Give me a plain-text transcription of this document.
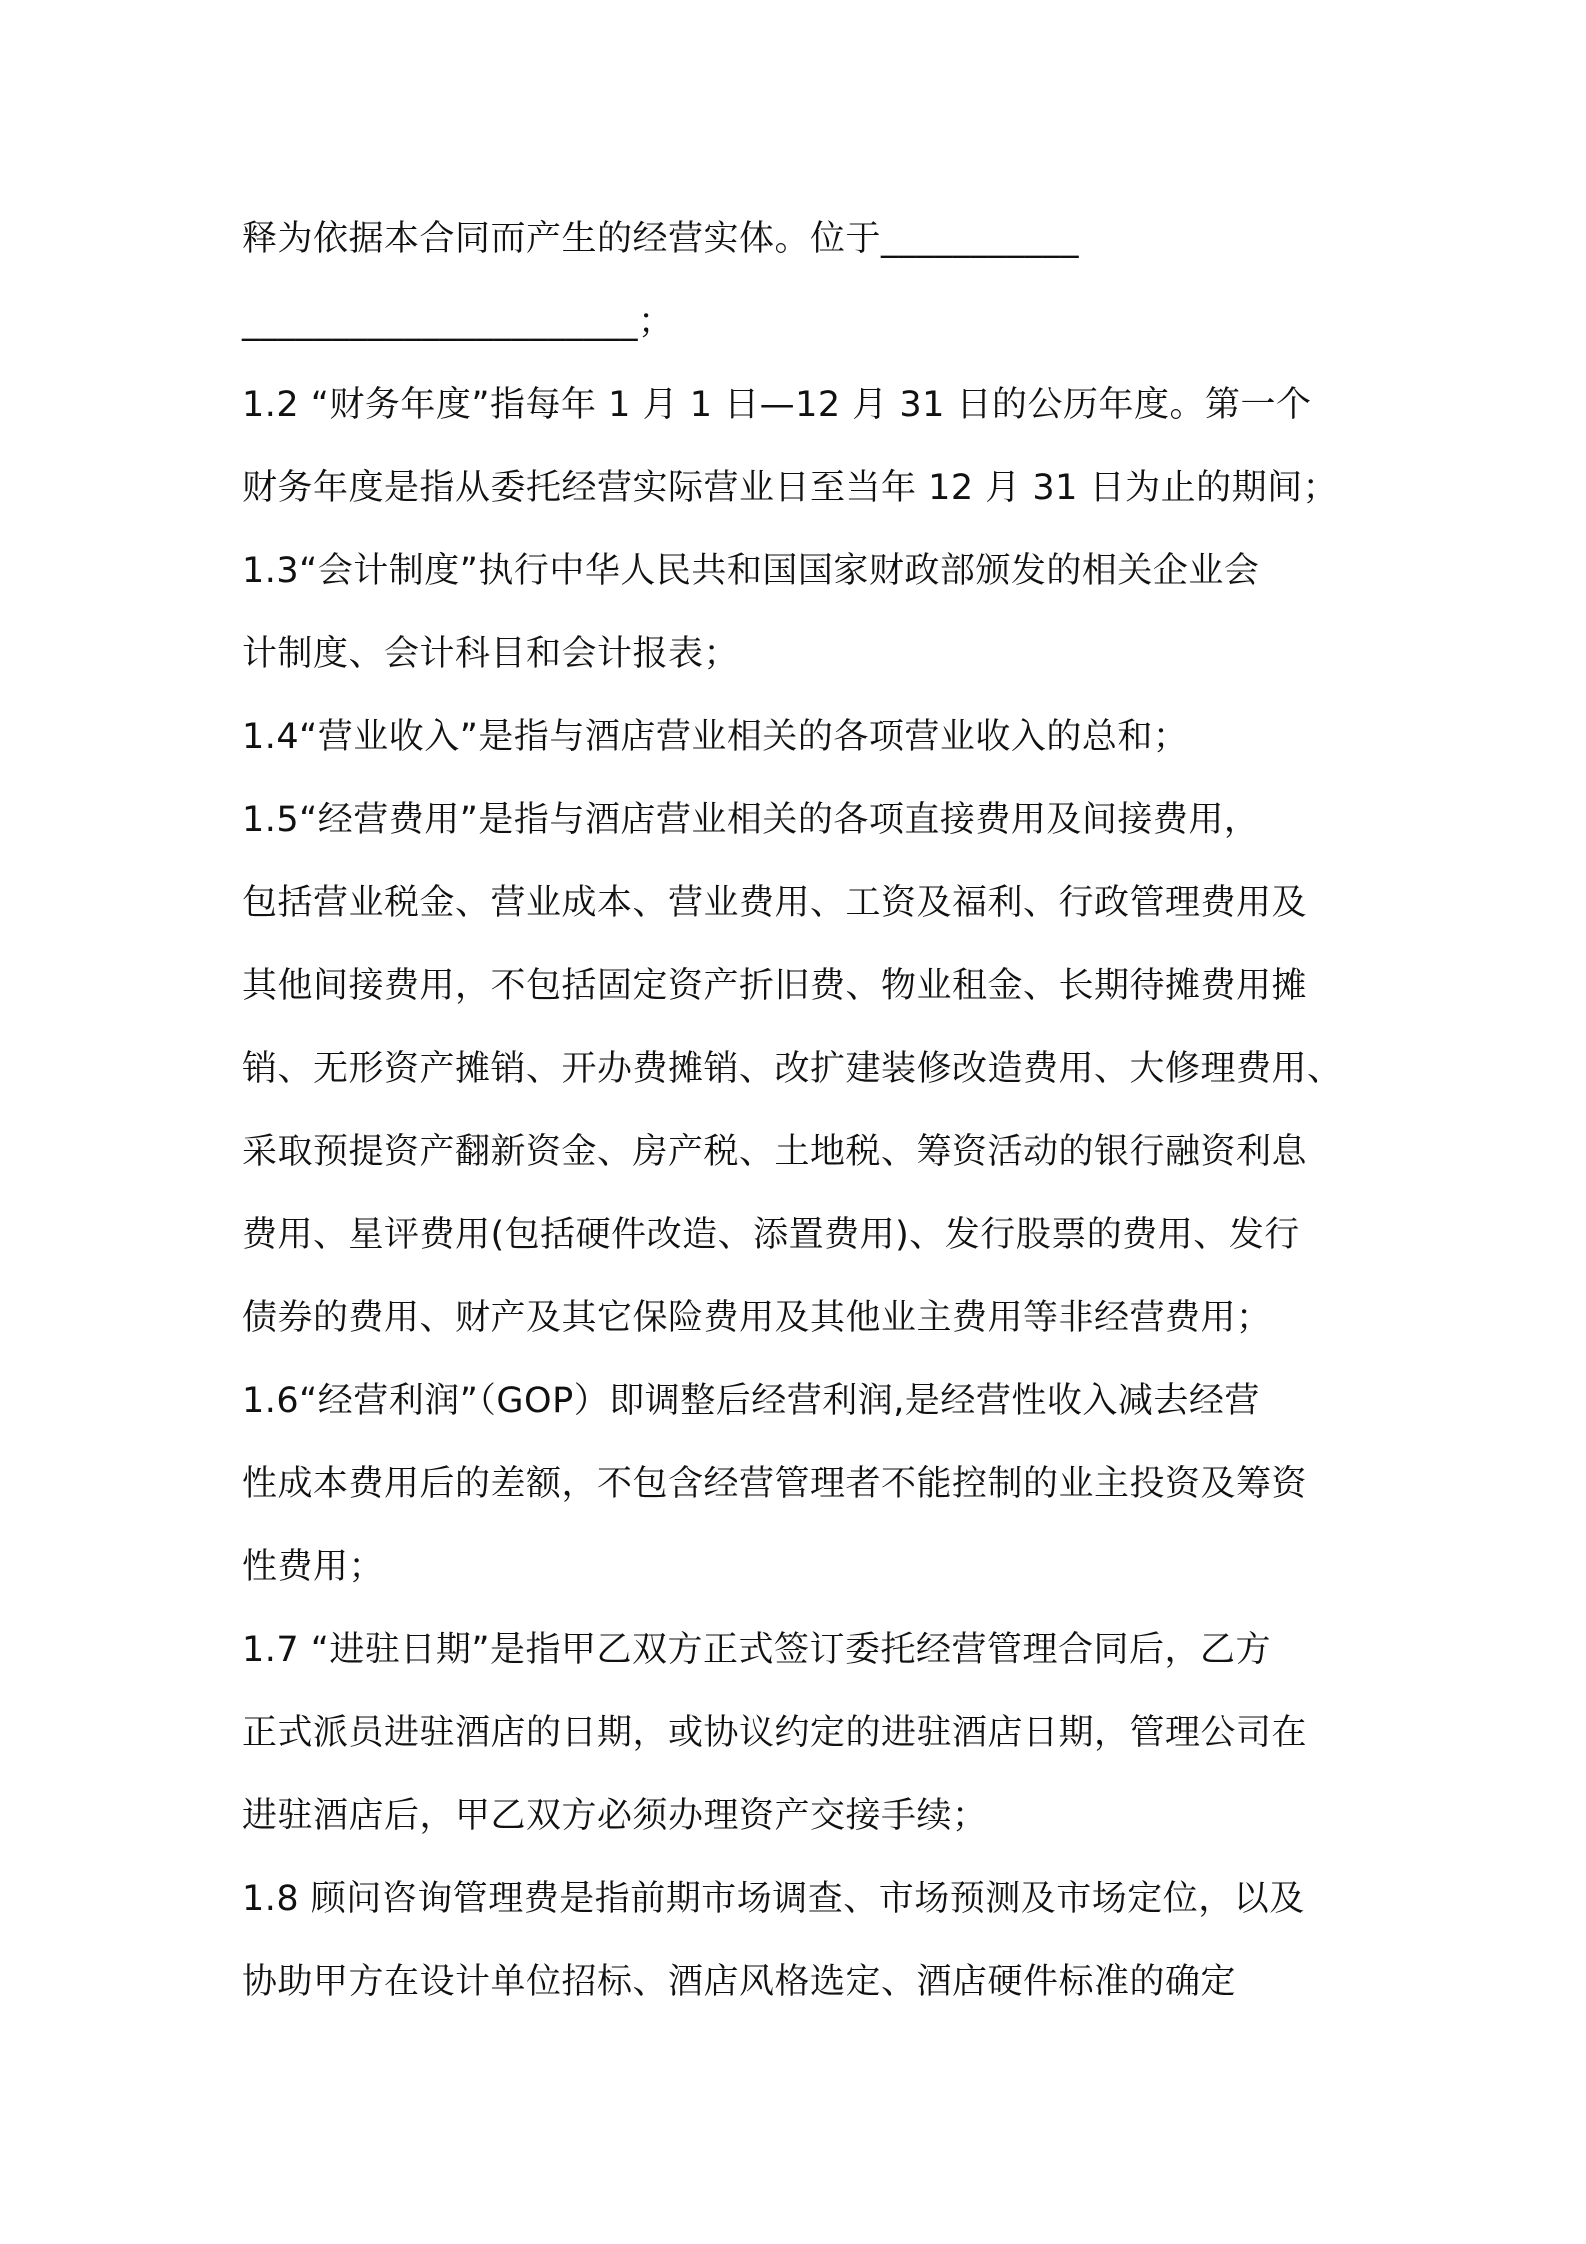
释为依据本合同而产生的经营实体。位于___________
______________________；
1.2 “财务年度”指每年 1 月 1 日—12 月 31 日的公历年度。第一个
财务年度是指从委托经营实际营业日至当年 12 月 31 日为止的期间；
1.3“会计制度”执行中华人民共和国国家财政部颁发的相关企业会
计制度、会计科目和会计报表；
1.4“营业收入”是指与酒店营业相关的各项营业收入的总和；
1.5“经营费用”是指与酒店营业相关的各项直接费用及间接费用，
包括营业税金、营业成本、营业费用、工资及福利、行政管理费用及
其他间接费用，不包括固定资产折旧费、物业租金、长期待摊费用摊
销、无形资产摊销、开办费摊销、改扩建装修改造费用、大修理费用、
采取预提资产翻新资金、房产税、土地税、筹资活动的银行融资利息
费用、星评费用(包括硬件改造、添置费用)、发行股票的费用、发行
债券的费用、财产及其它保险费用及其他业主费用等非经营费用；
1.6“经营利润”（GOP）即调整后经营利润,是经营性收入减去经营
性成本费用后的差额，不包含经营管理者不能控制的业主投资及筹资
性费用；
1.7 “进驻日期”是指甲乙双方正式签订委托经营管理合同后，乙方
正式派员进驻酒店的日期，或协议约定的进驻酒店日期，管理公司在
进驻酒店后，甲乙双方必须办理资产交接手续；
1.8 顾问咨询管理费是指前期市场调查、市场预测及市场定位，以及
协助甲方在设计单位招标、酒店风格选定、酒店硬件标准的确定
